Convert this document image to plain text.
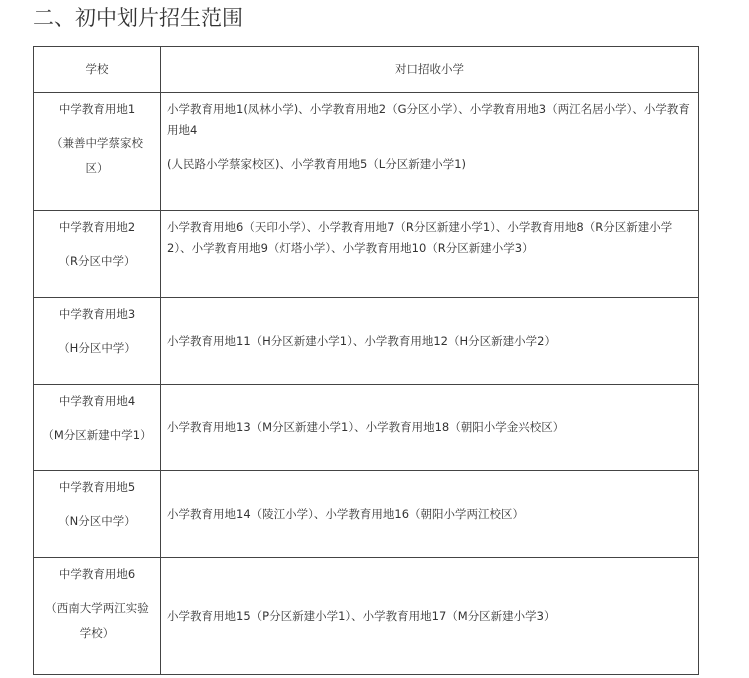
二、初中划片招生范围
学校	对口招收小学
中学教育用地1
（兼善中学蔡家校
区）	小学教育用地1(凤林小学)、小学教育用地2（G分区小学）、小学教育用地3（两江名居小学）、小学教育用地4
(人民路小学蔡家校区)、小学教育用地5（L分区新建小学1)
中学教育用地2
（R分区中学）	小学教育用地6（天印小学）、小学教育用地7（R分区新建小学1）、小学教育用地8（R分区新建小学2）、小学教育用地9（灯塔小学）、小学教育用地10（R分区新建小学3）
中学教育用地3
（H分区中学）	小学教育用地11（H分区新建小学1）、小学教育用地12（H分区新建小学2）
中学教育用地4
（M分区新建中学1）	小学教育用地13（M分区新建小学1）、小学教育用地18（朝阳小学金兴校区）
中学教育用地5
（N分区中学）	小学教育用地14（陵江小学）、小学教育用地16（朝阳小学两江校区）
中学教育用地6
（西南大学两江实验
学校）	小学教育用地15（P分区新建小学1）、小学教育用地17（M分区新建小学3）
